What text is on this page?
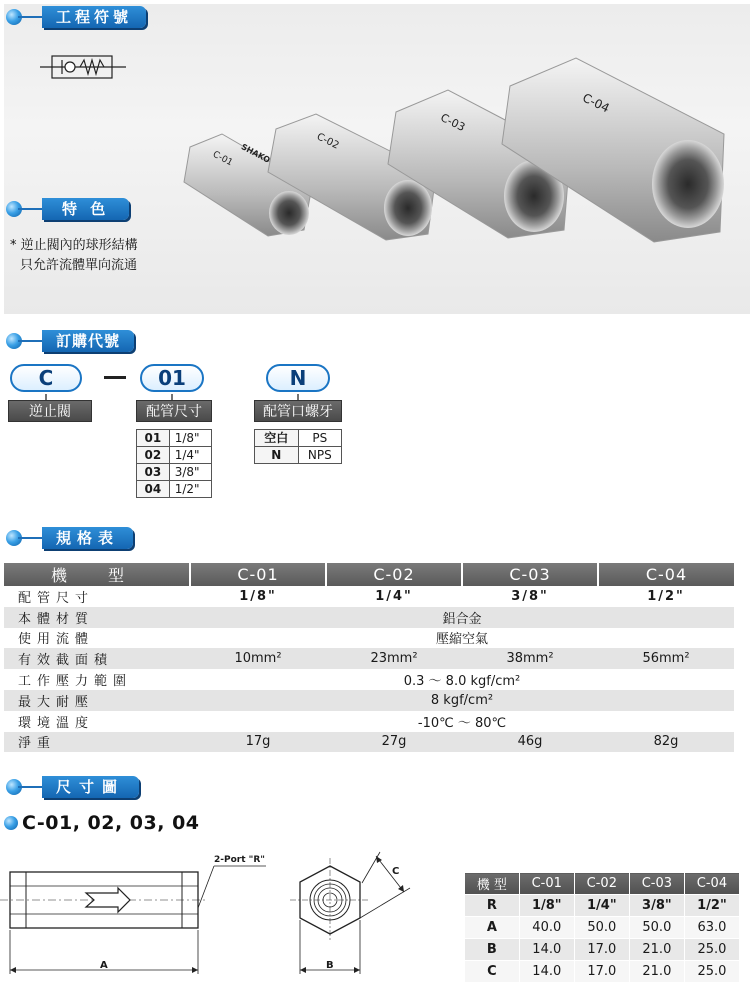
C-01
C-02
C-03
C-04
SHAKO
* 逆止閥內的球形結構
只允許流體單向流通
工程符號
特 色
訂購代號
規格表
尺寸圖
C	01	N
逆止閥	配管尺寸	配管口螺牙
01	1/8"
02	1/4"
03	3/8"
04	1/2"
空白	PS
N	NPS
機 型	C-01	C-02	C-03	C-04
配管尺寸	1/8"	1/4"	3/8"	1/2"
本體材質	鋁合金			
使用流體	壓縮空氣			
有效截面積	10mm²	23mm²	38mm²	56mm²
工作壓力範圍	0.3 ～ 8.0 kgf/cm²			
最大耐壓	8 kgf/cm²			
環境溫度	-10℃ ～ 80℃			
淨重	17g	27g	46g	82g
C-01, 02, 03, 04
2-Port "R"
A	B
C
機 型	C-01	C-02	C-03	C-04
R	1/8"	1/4"	3/8"	1/2"
A	40.0	50.0	50.0	63.0
B	14.0	17.0	21.0	25.0
C	14.0	17.0	21.0	25.0
